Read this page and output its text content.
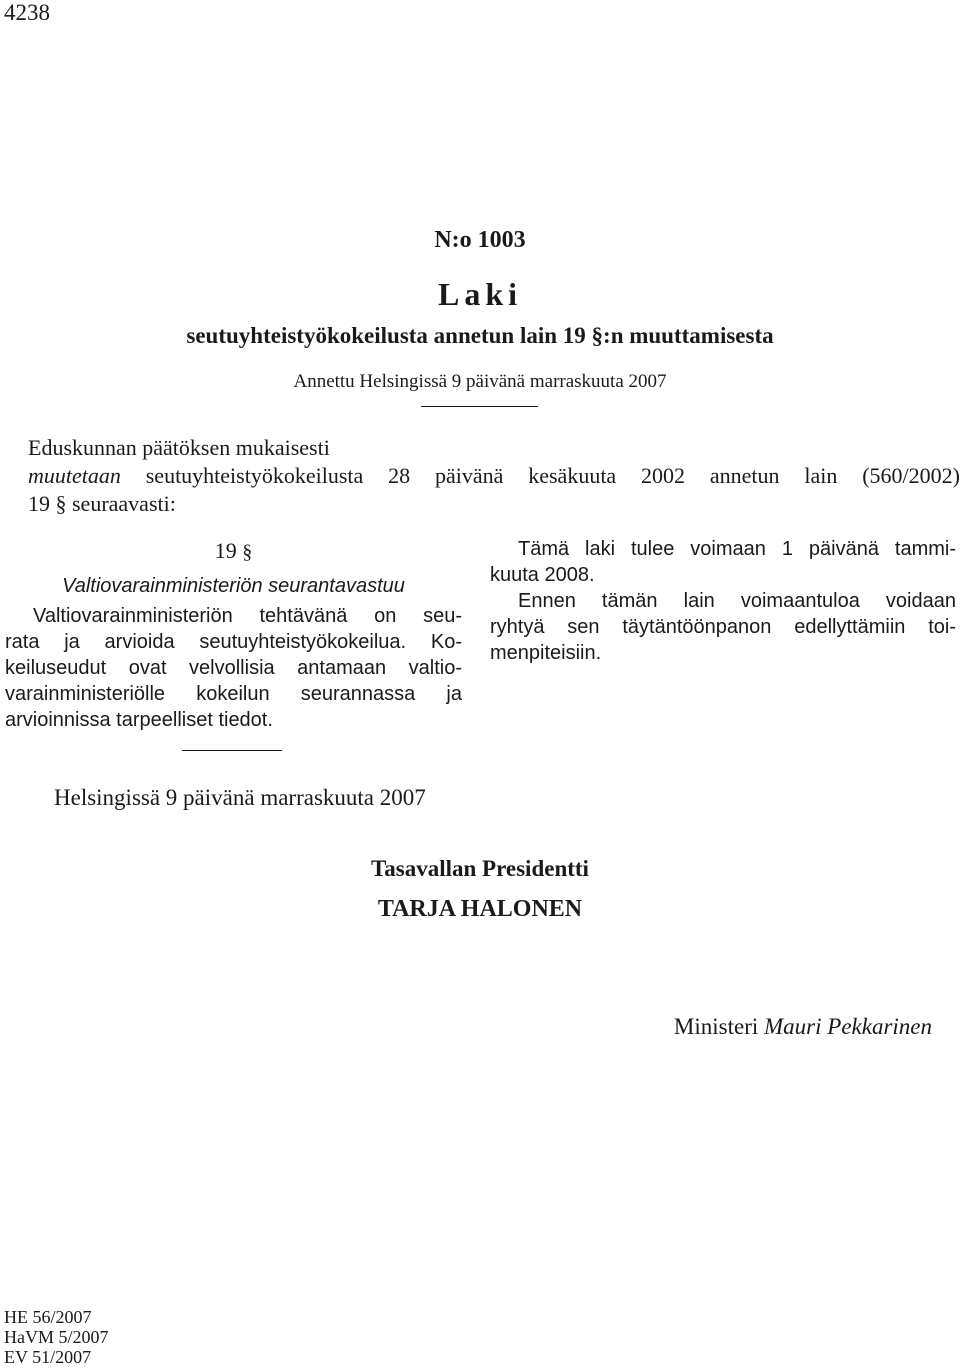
4238
N:o 1003
Laki
seutuyhteistyökokeilusta annetun lain 19 §:n muuttamisesta
Annettu Helsingissä 9 päivänä marraskuuta 2007
Eduskunnan päätöksen mukaisesti
muutetaan seutuyhteistyökokeilusta 28 päivänä kesäkuuta 2002 annetun lain (560/2002)
19 § seuraavasti:
19 §
Valtiovarainministeriön seurantavastuu
Valtiovarainministeriön tehtävänä on seu-
rata ja arvioida seutuyhteistyökokeilua. Ko-
keiluseudut ovat velvollisia antamaan valtio-
varainministeriölle kokeilun seurannassa ja
arvioinnissa tarpeelliset tiedot.
Tämä laki tulee voimaan 1 päivänä tammi-
kuuta 2008.
Ennen tämän lain voimaantuloa voidaan
ryhtyä sen täytäntöönpanon edellyttämiin toi-
menpiteisiin.
Helsingissä 9 päivänä marraskuuta 2007
Tasavallan Presidentti
TARJA HALONEN
Ministeri Mauri Pekkarinen
HE 56/2007
HaVM 5/2007
EV 51/2007
